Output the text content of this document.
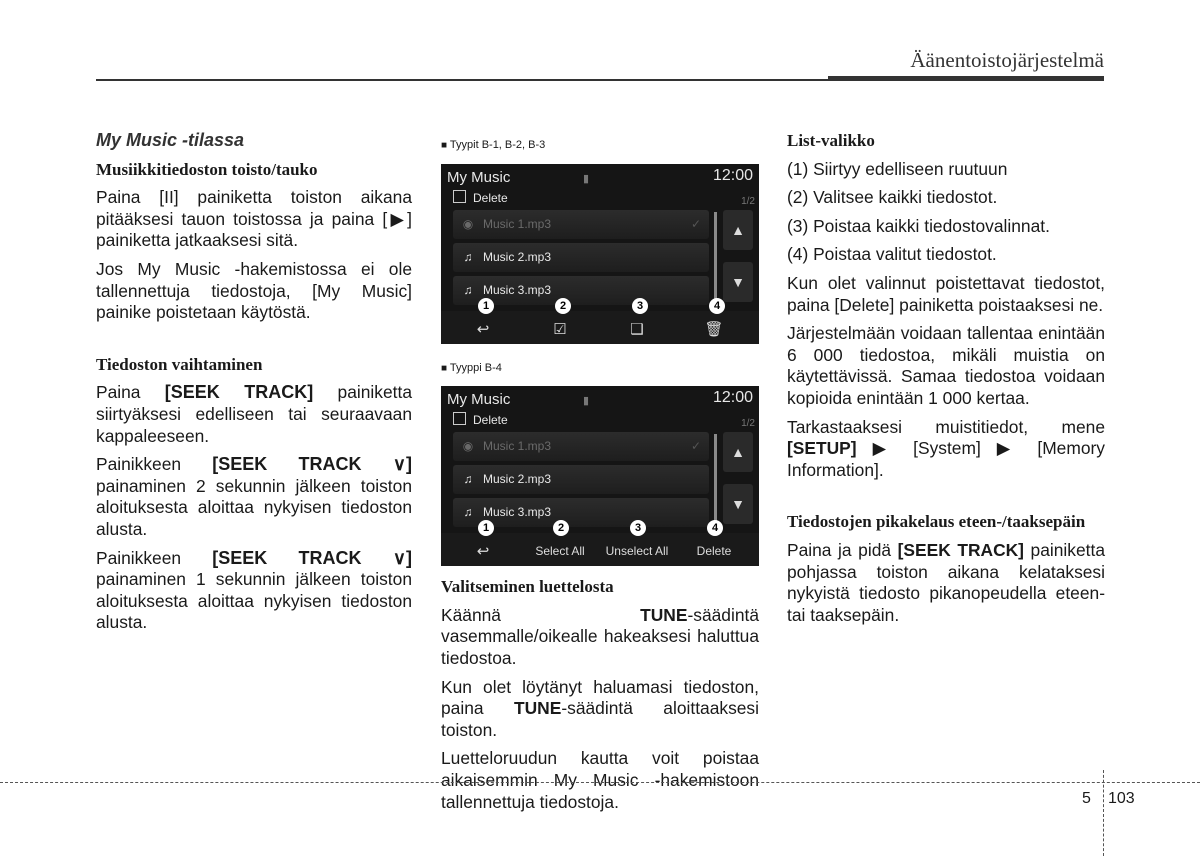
Äänentoistojärjestelmä

My Music -tilassa

Musiikkitiedoston toisto/tauko

Paina [II] painiketta toiston aikana pitääksesi tauon toistossa ja paina [▶] painiketta jatkaaksesi sitä.

Jos My Music -hakemistossa ei ole tallennettuja tiedostoja, [My Music] painike poistetaan käytöstä.

Tiedoston vaihtaminen

Paina [SEEK TRACK] painiketta siirtyäksesi edelliseen tai seuraavaan kappaleeseen.

Painikkeen [SEEK TRACK ∨] painaminen 2 sekunnin jälkeen toiston aloituksesta aloittaa nykyisen tiedoston alusta.

Painikkeen [SEEK TRACK ∨] painaminen 1 sekunnin jälkeen toiston aloituksesta aloittaa nykyisen tiedoston alusta.

■ Tyypit B-1, B-2, B-3

My Music	▮	12:00
Delete	1/2
◉ Music 1.mp3	✓
♫ Music 2.mp3
♫ Music 3.mp3
▲
▼
1	2	3	4
↩	☑	❑	🗑

■ Tyyppi B-4

My Music	▮	12:00
Delete	1/2
◉ Music 1.mp3	✓
♫ Music 2.mp3
♫ Music 3.mp3
▲
▼
1	2	3	4
↩	Select All	Unselect All	Delete

Valitseminen luettelosta

Käännä TUNE-säädintä vasemmalle/oikealle hakeaksesi haluttua tiedostoa.

Kun olet löytänyt haluamasi tiedoston, paina TUNE-säädintä aloittaaksesi toiston.

Luetteloruudun kautta voit poistaa aikaisemmin My Music -hakemistoon tallennettuja tiedostoja.

List-valikko

(1) Siirtyy edelliseen ruutuun

(2) Valitsee kaikki tiedostot.

(3) Poistaa kaikki tiedostovalinnat.

(4) Poistaa valitut tiedostot.

Kun olet valinnut poistettavat tiedostot, paina [Delete] painiketta poistaaksesi ne.

Järjestelmään voidaan tallentaa enintään 6 000 tiedostoa, mikäli muistia on käytettävissä. Samaa tiedostoa voidaan kopioida enintään 1 000 kertaa.

Tarkastaaksesi muistitiedot, mene [SETUP] ▶ [System] ▶ [Memory Information].

Tiedostojen pikakelaus eteen-/taaksepäin

Paina ja pidä [SEEK TRACK] painiketta pohjassa toiston aikana kelataksesi nykyistä tiedosto pikanopeudella eteen- tai taaksepäin.

5 103
